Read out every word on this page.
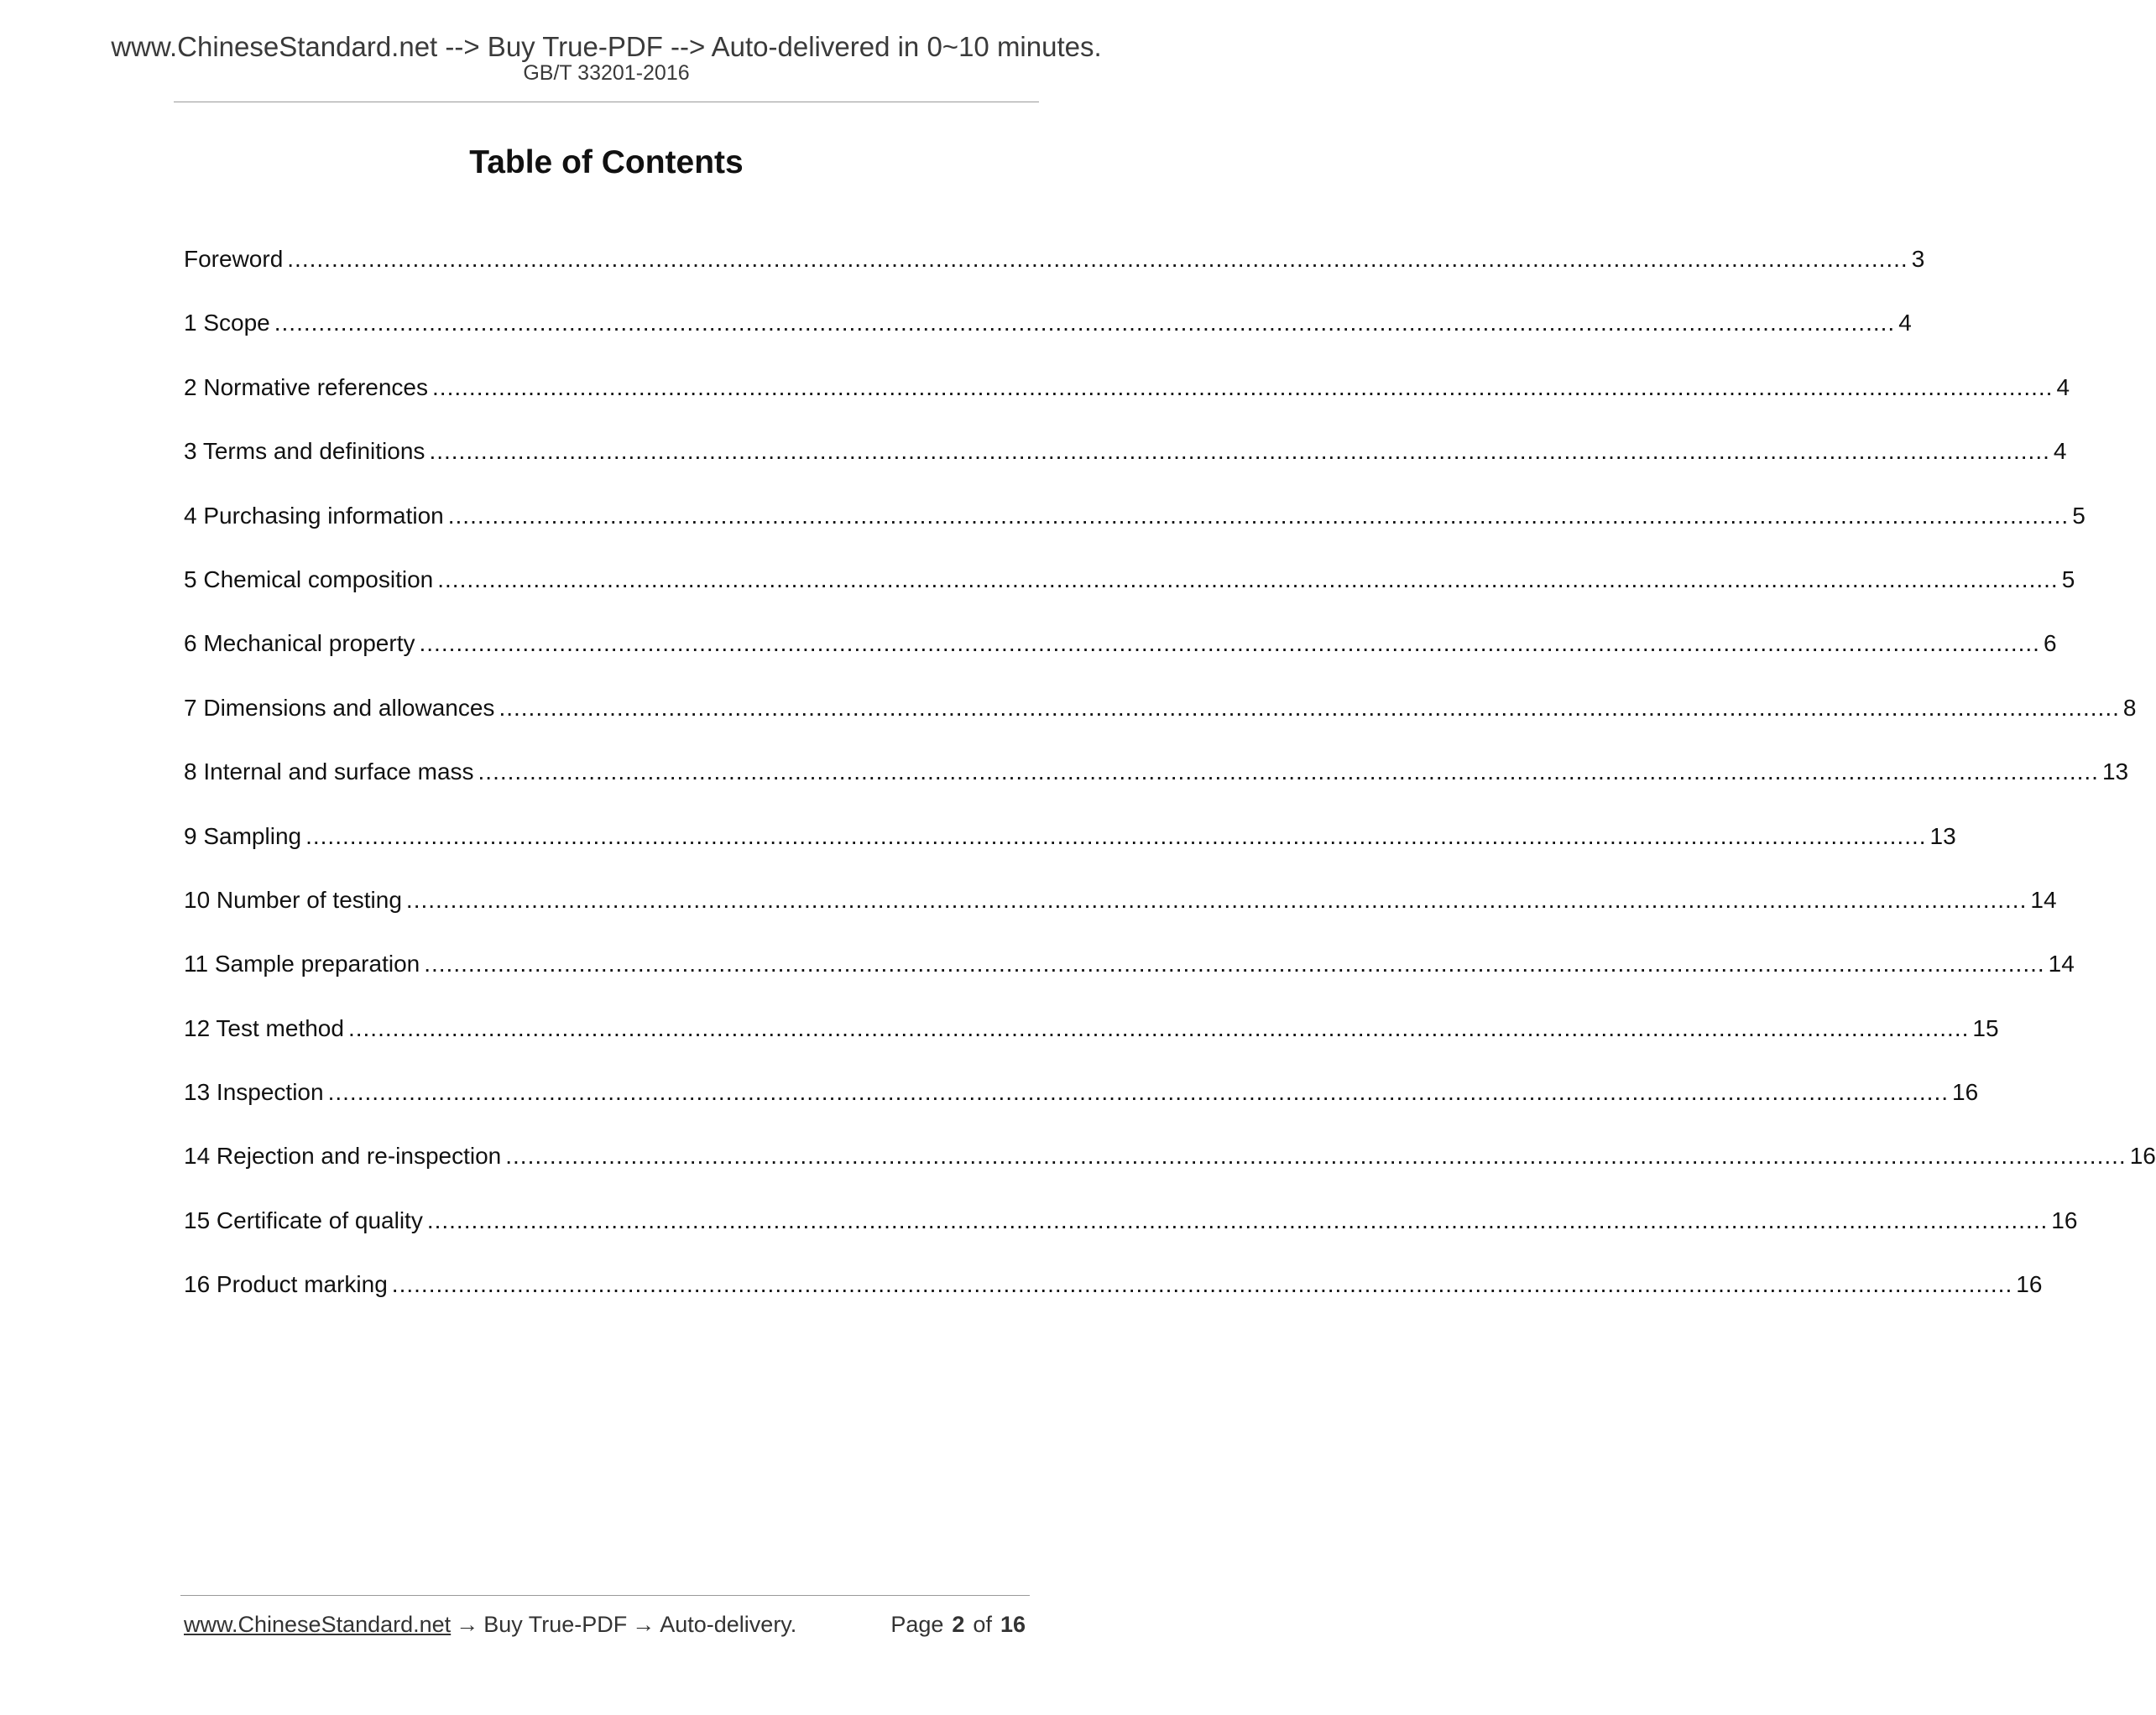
www.ChineseStandard.net --> Buy True-PDF --> Auto-delivered in 0~10 minutes.
GB/T 33201-2016
Table of Contents
Foreword ............................................................................................................................................................................................................................ 3
1 Scope ............................................................................................................................................................................................................................ 4
2 Normative references ............................................................................................................................................................................................................................ 4
3 Terms and definitions ............................................................................................................................................................................................................................ 4
4 Purchasing information ............................................................................................................................................................................................................................ 5
5 Chemical composition ............................................................................................................................................................................................................................ 5
6 Mechanical property ............................................................................................................................................................................................................................ 6
7 Dimensions and allowances ............................................................................................................................................................................................................................ 8
8 Internal and surface mass ............................................................................................................................................................................................................................ 13
9 Sampling ............................................................................................................................................................................................................................ 13
10 Number of testing ............................................................................................................................................................................................................................ 14
11 Sample preparation ............................................................................................................................................................................................................................ 14
12 Test method ............................................................................................................................................................................................................................ 15
13 Inspection ............................................................................................................................................................................................................................ 16
14 Rejection and re-inspection ............................................................................................................................................................................................................................ 16
15 Certificate of quality ............................................................................................................................................................................................................................ 16
16 Product marking ............................................................................................................................................................................................................................ 16
www.ChineseStandard.net → Buy True-PDF → Auto-delivery.	Page 2 of 16
